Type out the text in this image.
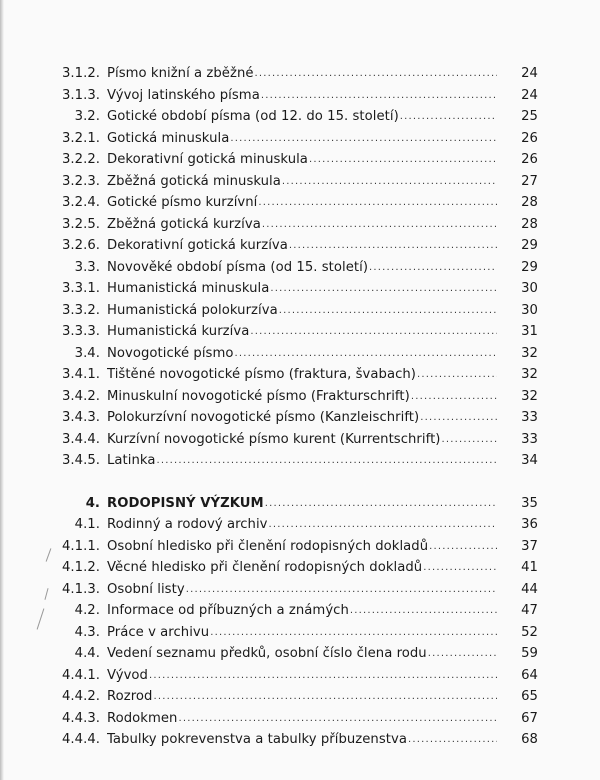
3.1.2. Písmo knižní a zběžné .....	24
3.1.3. Vývoj latinského písma .....	24
3.2. Gotické období písma (od 12. do 15. století) .....	25
3.2.1. Gotická minuskula .....	26
3.2.2. Dekorativní gotická minuskula .....	26
3.2.3. Zběžná gotická minuskula .....	27
3.2.4. Gotické písmo kurzívní .....	28
3.2.5. Zběžná gotická kurzíva .....	28
3.2.6. Dekorativní gotická kurzíva .....	29
3.3. Novověké období písma (od 15. století) .....	29
3.3.1. Humanistická minuskula .....	30
3.3.2. Humanistická polokurzíva .....	30
3.3.3. Humanistická kurzíva .....	31
3.4. Novogotické písmo .....	32
3.4.1. Tištěné novogotické písmo (fraktura, švabach) .....	32
3.4.2. Minuskulní novogotické písmo (Frakturschrift) .....	32
3.4.3. Polokurzívní novogotické písmo (Kanzleischrift) .....	33
3.4.4. Kurzívní novogotické písmo kurent (Kurrentschrift) .....	33
3.4.5. Latinka .....	34
4. RODOPISNÝ VÝZKUM .....	35
4.1. Rodinný a rodový archiv .....	36
4.1.1. Osobní hledisko při členění rodopisných dokladů .....	37
4.1.2. Věcné hledisko při členění rodopisných dokladů .....	41
4.1.3. Osobní listy .....	44
4.2. Informace od příbuzných a známých .....	47
4.3. Práce v archivu .....	52
4.4. Vedení seznamu předků, osobní číslo člena rodu .....	59
4.4.1. Vývod .....	64
4.4.2. Rozrod .....	65
4.4.3. Rodokmen .....	67
4.4.4. Tabulky pokrevenstva a tabulky příbuzenstva .....	68
